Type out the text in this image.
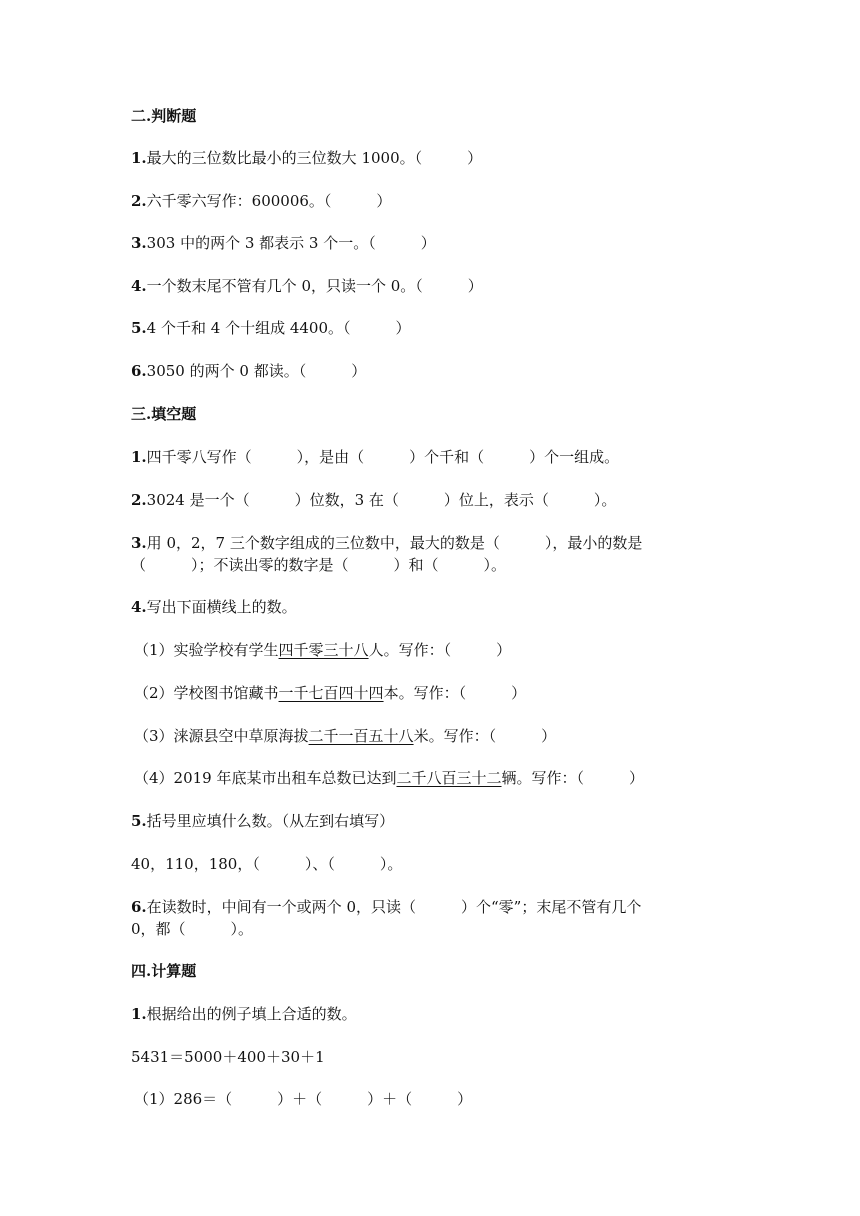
二.判断题
1.最大的三位数比最小的三位数大 1000。（　　　）
2.六千零六写作：600006。（　　　）
3.303 中的两个 3 都表示 3 个一。（　　　）
4.一个数末尾不管有几个 0，只读一个 0。（　　　）
5.4 个千和 4 个十组成 4400。（　　　）
6.3050 的两个 0 都读。（　　　）
三.填空题
1.四千零八写作（　　　），是由（　　　）个千和（　　　）个一组成。
2.3024 是一个（　　　）位数，3 在（　　　）位上，表示（　　　）。
3.用 0，2，7 三个数字组成的三位数中，最大的数是（　　　），最小的数是
（　　　）；不读出零的数字是（　　　）和（　　　）。
4.写出下面横线上的数。
（1）实验学校有学生四千零三十八人。写作：（　　　）
（2）学校图书馆藏书一千七百四十四本。写作：（　　　）
（3）涞源县空中草原海拔二千一百五十八米。写作：（　　　）
（4）2019 年底某市出租车总数已达到二千八百三十二辆。写作：（　　　）
5.括号里应填什么数。（从左到右填写）
40，110，180，（　　　）、（　　　）。
6.在读数时，中间有一个或两个 0，只读（　　　）个“零”；末尾不管有几个
0，都（　　　）。
四.计算题
1.根据给出的例子填上合适的数。
5431＝5000＋400＋30＋1
（1）286＝（　　　）＋（　　　）＋（　　　）
